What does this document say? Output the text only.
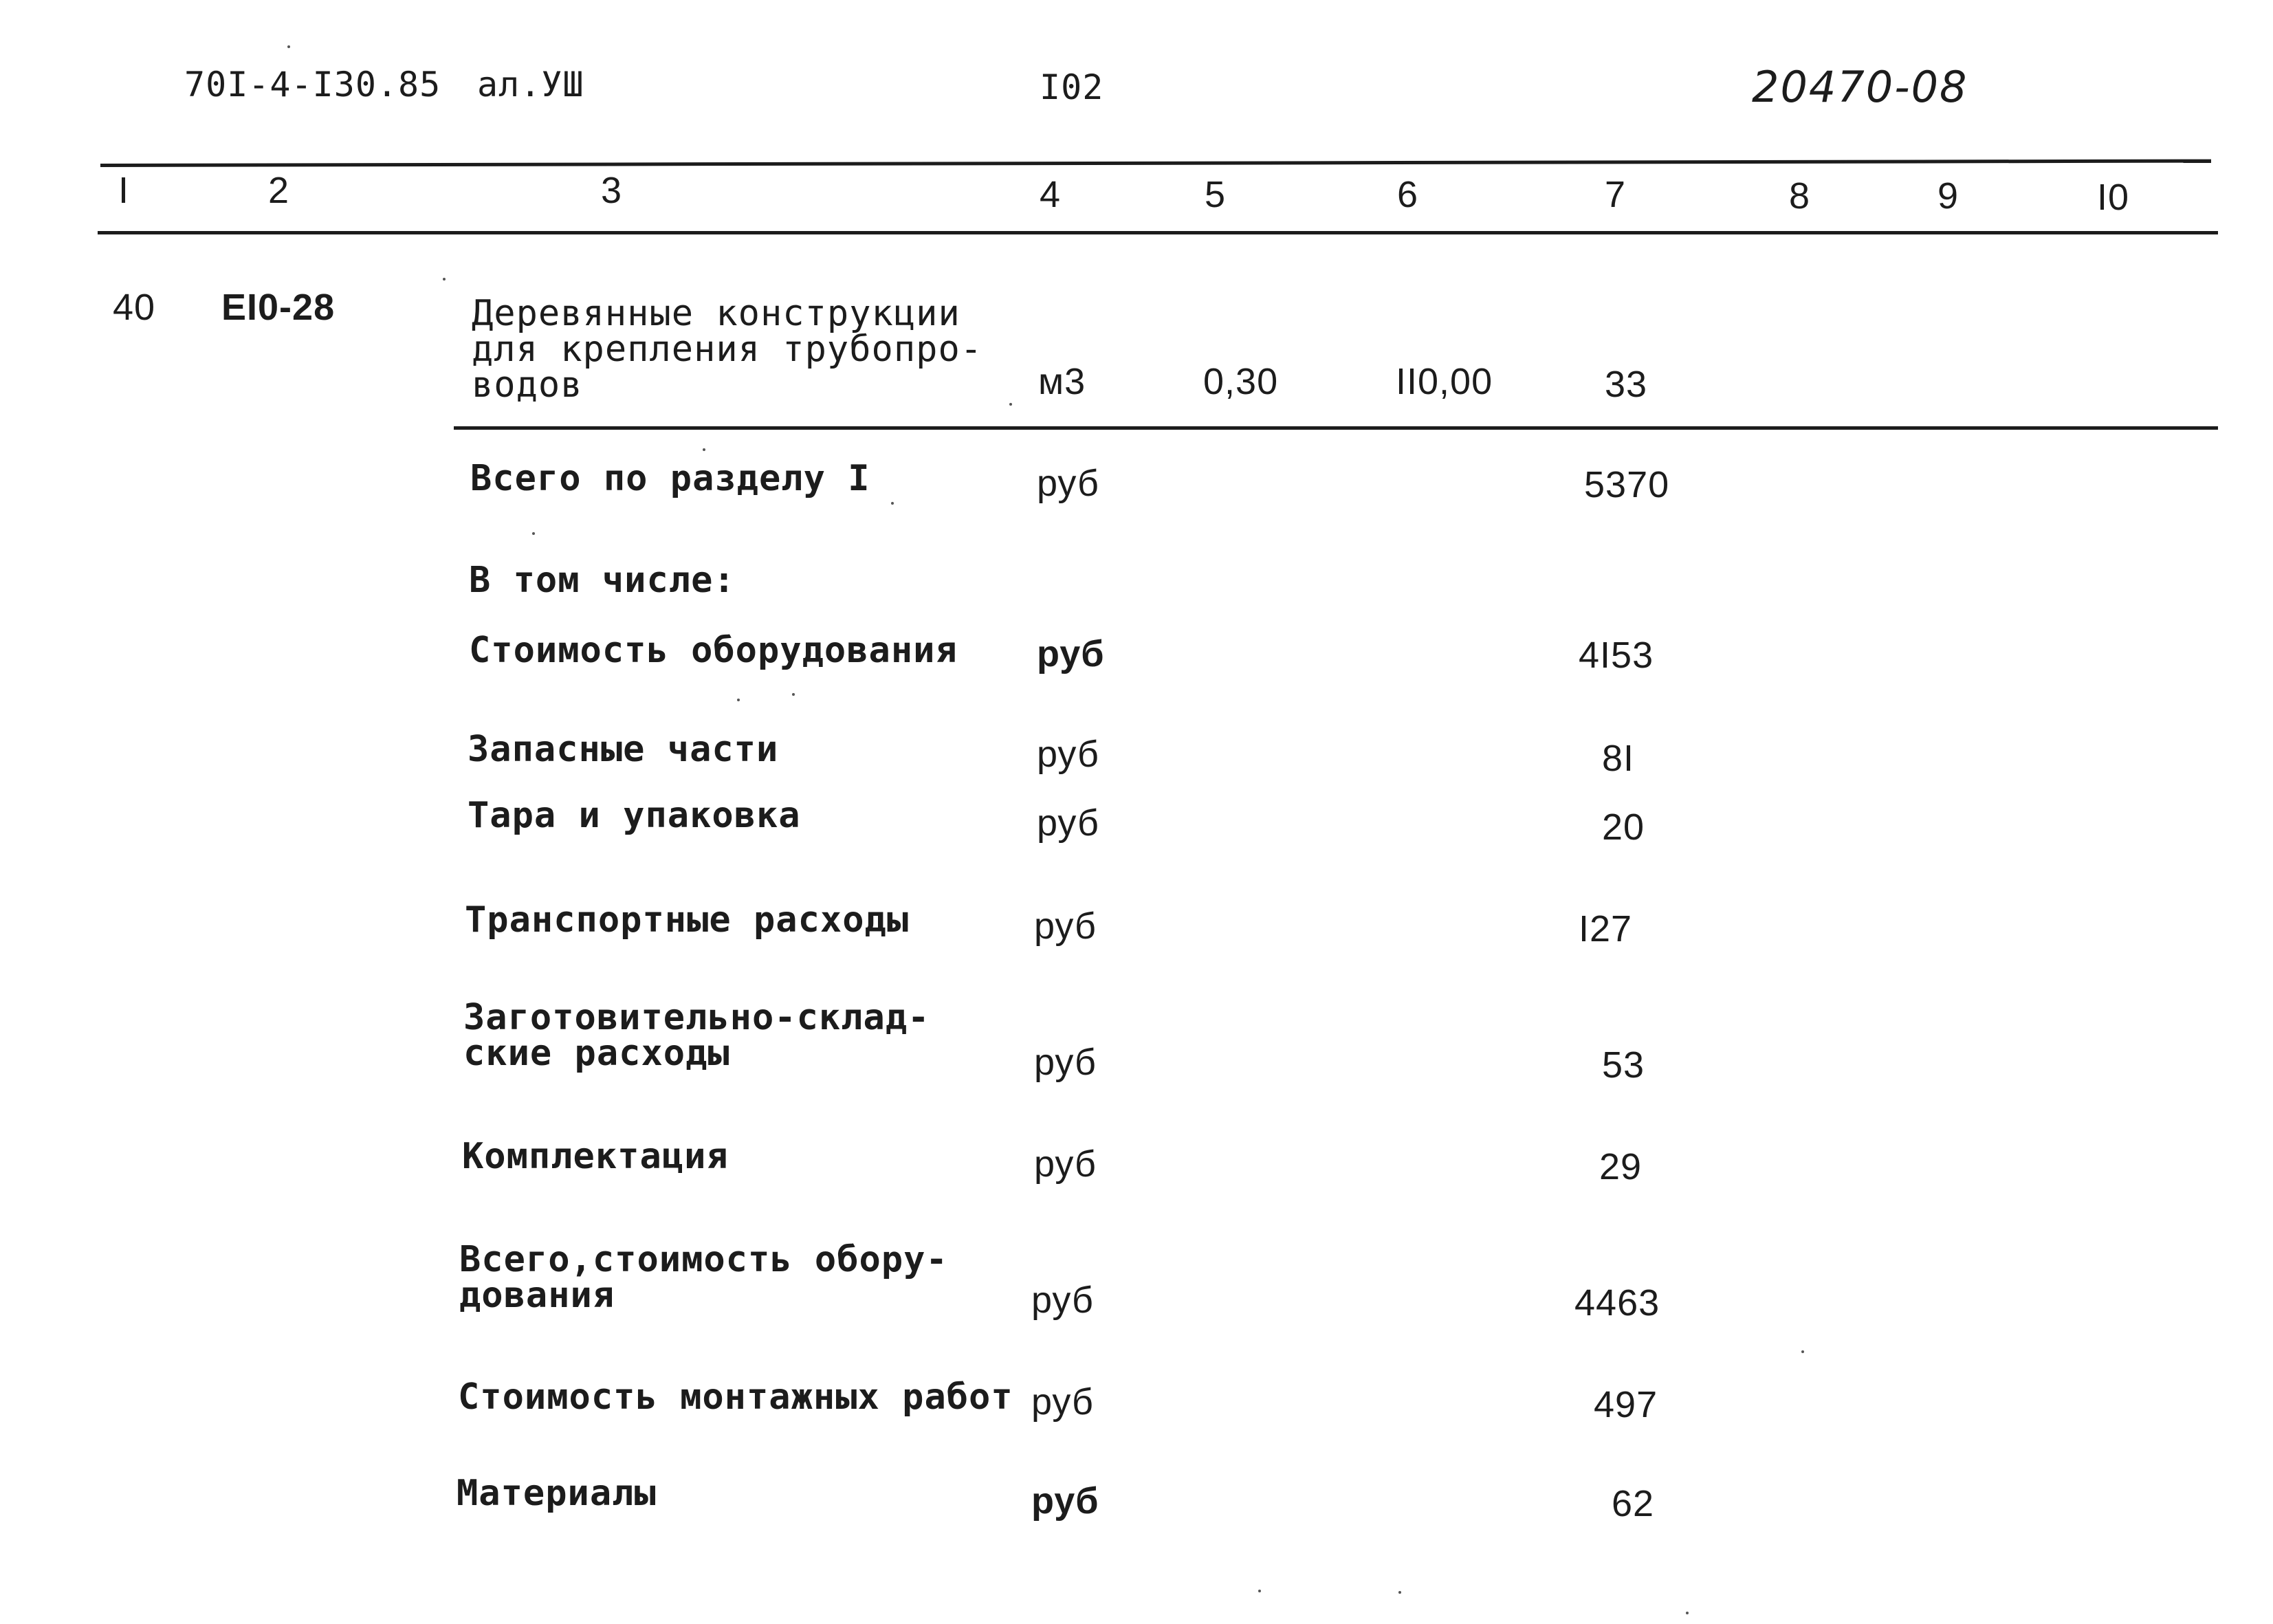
70I-4-I30.85 ал.УШ	I02	20470-08
I	2	3	4	5	6	7	8	9	I0
40 EI0-28	Деревянные конструкции
для крепления трубопро-
водов	м3	0,30	II0,00	33
Всего по разделу I	руб	5370
В том числе:
Стоимость оборудования руб	4I53
Запасные части	руб	8I
Тара и упаковка	руб	20
Транспортные расходы	руб	I27
Заготовительно-склад-
ские расходы	руб	53
Комплектация	руб	29
Всего,стоимость обору-
дования	руб	4463
Стоимость монтажных работ руб	497
Материалы	руб	62
